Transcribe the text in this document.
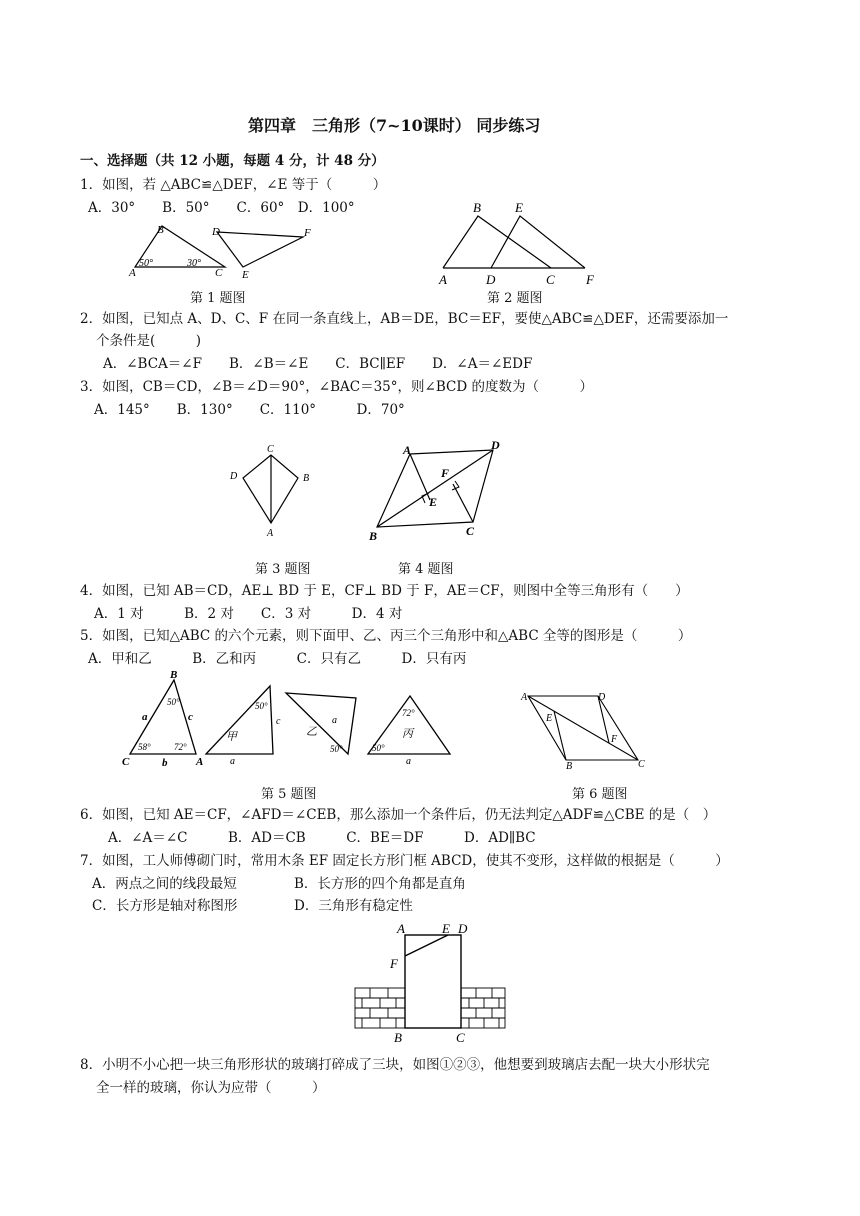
第四章　三角形（7~10课时） 同步练习
一、选择题（共 12 小题，每题 4 分，计 48 分）
1．如图，若 △ABC≌△DEF，∠E 等于（　　　）
A．30°　　B．50°　　C．60°　D．100°
B	D	F
A	C E
50°	30°
第 1 题图
B	E
A	D	C F
第 2 题图
2．如图，已知点 A、D、C、F 在同一条直线上，AB＝DE，BC＝EF，要使△ABC≌△DEF，还需要添加一
个条件是(　　　)
A．∠BCA＝∠F　　B．∠B＝∠E　　C．BC∥EF　　D．∠A＝∠EDF
3．如图，CB＝CD，∠B＝∠D＝90°，∠BAC＝35°，则∠BCD 的度数为（　　　）
A．145°　　B．130°　　C．110°　　　D．70°
C
D	B
A
A	D
F
E
B	C
第 3 题图	第 4 题图
4．如图，已知 AB＝CD，AE⊥ BD 于 E，CF⊥ BD 于 F，AE＝CF，则图中全等三角形有（　　）
A．1 对　　　B．2 对　　C．3 对　　　D．4 对
5．如图，已知△ABC 的六个元素，则下面甲、乙、丙三个三角形中和△ABC 全等的图形是（　　　）
A．甲和乙　　　B．乙和丙　　　C．只有乙　　　D．只有丙
B
a	c
b
C	A
50°
58°	72°
甲
50°
c
a
乙
a
50°
丙
72°
50°
a
A	D
E
F
B	C
第 5 题图	第 6 题图
6．如图，已知 AE＝CF，∠AFD＝∠CEB，那么添加一个条件后，仍无法判定△ADF≌△CBE 的是（　）
A．∠A＝∠C　　　B．AD＝CB　　　C．BE＝DF　　　D．AD∥BC
7．如图，工人师傅砌门时，常用木条 EF 固定长方形门框 ABCD，使其不变形，这样做的根据是（　　　）
A．两点之间的线段最短	B．长方形的四个角都是直角
C．长方形是轴对称图形	D．三角形有稳定性
A	E D
F
B	C
8．小明不小心把一块三角形形状的玻璃打碎成了三块，如图①②③，他想要到玻璃店去配一块大小形状完
全一样的玻璃，你认为应带（　　　）
